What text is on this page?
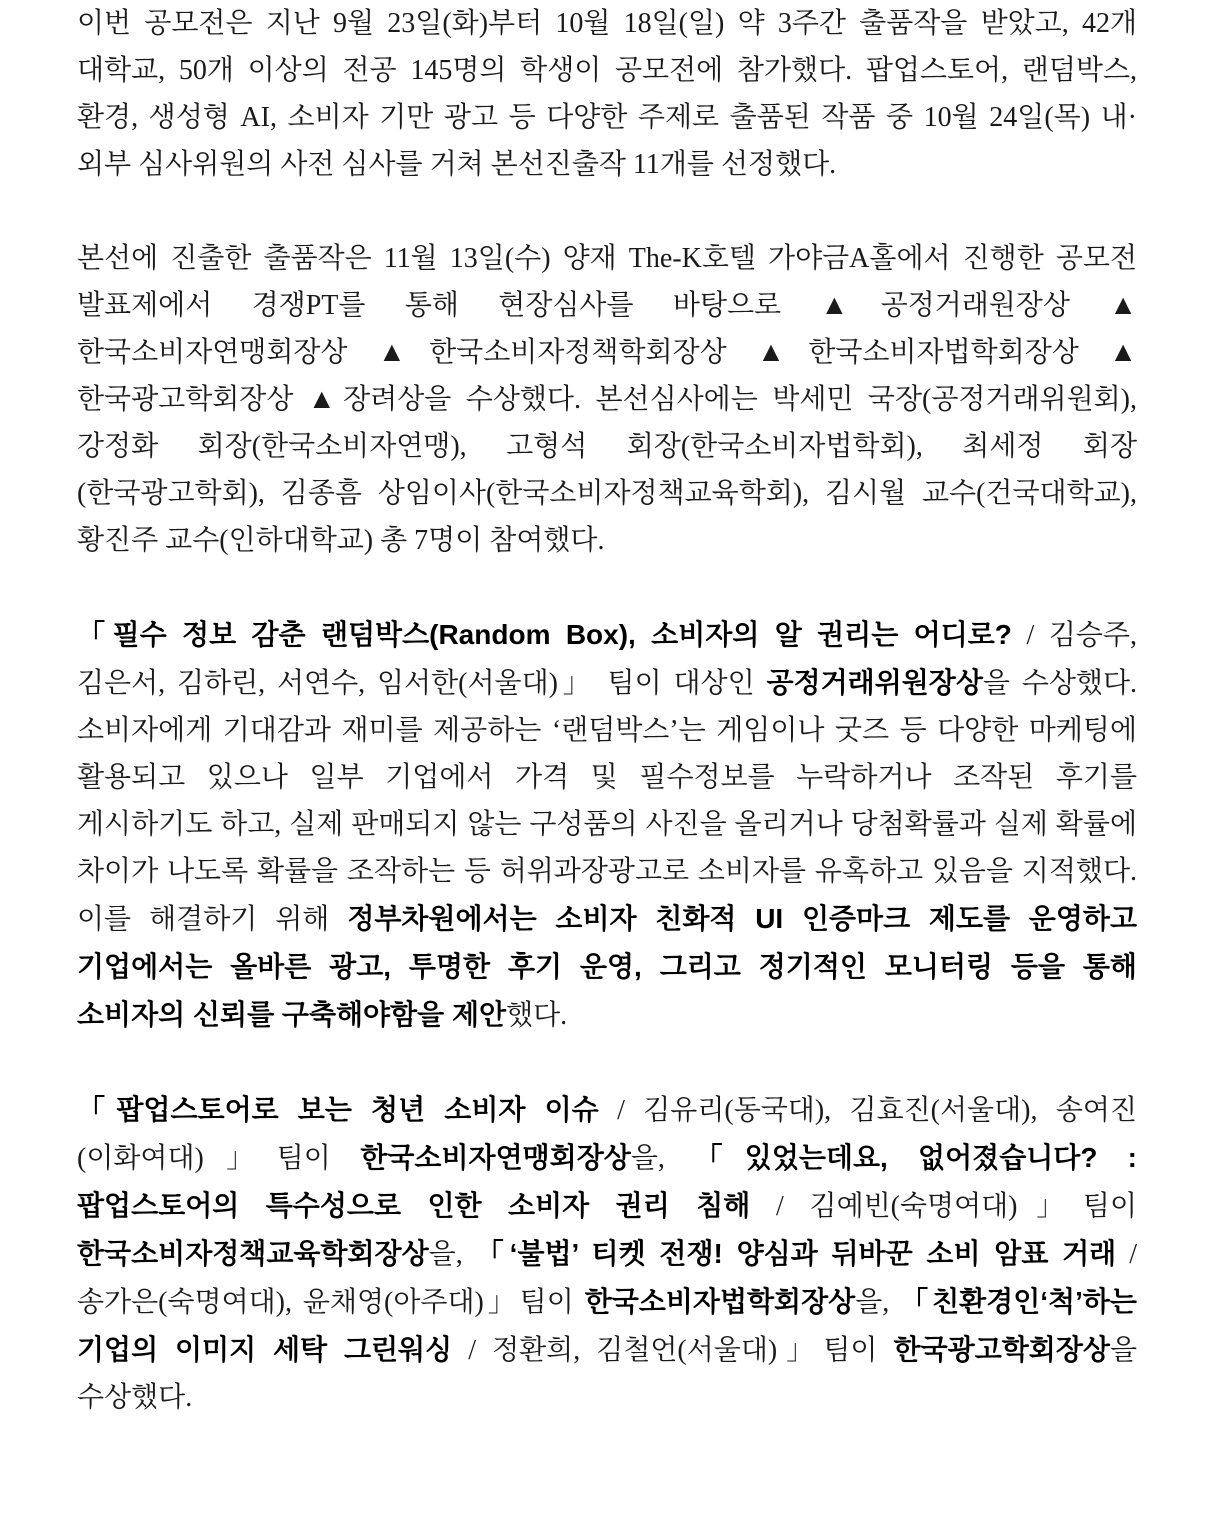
이번 공모전은 지난 9월 23일(화)부터 10월 18일(일) 약 3주간 출품작을 받았고, 42개 대학교, 50개 이상의 전공 145명의 학생이 공모전에 참가했다. 팝업스토어, 랜덤박스, 환경, 생성형 AI, 소비자 기만 광고 등 다양한 주제로 출품된 작품 중 10월 24일(목) 내·외부 심사위원의 사전 심사를 거쳐 본선진출작 11개를 선정했다.

본선에 진출한 출품작은 11월 13일(수) 양재 The-K호텔 가야금A홀에서 진행한 공모전 발표제에서 경쟁PT를 통해 현장심사를 바탕으로 ▲공정거래원장상 ▲한국소비자연맹회장상 ▲한국소비자정책학회장상 ▲한국소비자법학회장상 ▲한국광고학회장상 ▲장려상을 수상했다. 본선심사에는 박세민 국장(공정거래위원회), 강정화 회장(한국소비자연맹), 고형석 회장(한국소비자법학회), 최세정 회장(한국광고학회), 김종흠 상임이사(한국소비자정책교육학회), 김시월 교수(건국대학교), 황진주 교수(인하대학교) 총 7명이 참여했다.

「필수 정보 감춘 랜덤박스(Random Box), 소비자의 알 권리는 어디로? / 김승주, 김은서, 김하린, 서연수, 임서한(서울대)」 팀이 대상인 공정거래위원장상을 수상했다. 소비자에게 기대감과 재미를 제공하는 ‘랜덤박스’는 게임이나 굿즈 등 다양한 마케팅에 활용되고 있으나 일부 기업에서 가격 및 필수정보를 누락하거나 조작된 후기를 게시하기도 하고, 실제 판매되지 않는 구성품의 사진을 올리거나 당첨확률과 실제 확률에 차이가 나도록 확률을 조작하는 등 허위과장광고로 소비자를 유혹하고 있음을 지적했다. 이를 해결하기 위해 정부차원에서는 소비자 친화적 UI 인증마크 제도를 운영하고 기업에서는 올바른 광고, 투명한 후기 운영, 그리고 정기적인 모니터링 등을 통해 소비자의 신뢰를 구축해야함을 제안했다.

「팝업스토어로 보는 청년 소비자 이슈 / 김유리(동국대), 김효진(서울대), 송여진(이화여대)」팀이 한국소비자연맹회장상을, 「있었는데요, 없어졌습니다? : 팝업스토어의 특수성으로 인한 소비자 권리 침해 / 김예빈(숙명여대)」팀이 한국소비자정책교육학회장상을, 「‘불법’ 티켓 전쟁! 양심과 뒤바꾼 소비 암표 거래 / 송가은(숙명여대), 윤채영(아주대)」팀이 한국소비자법학회장상을, 「친환경인‘척’하는 기업의 이미지 세탁 그린워싱 / 정환희, 김철언(서울대)」팀이 한국광고학회장상을 수상했다.
